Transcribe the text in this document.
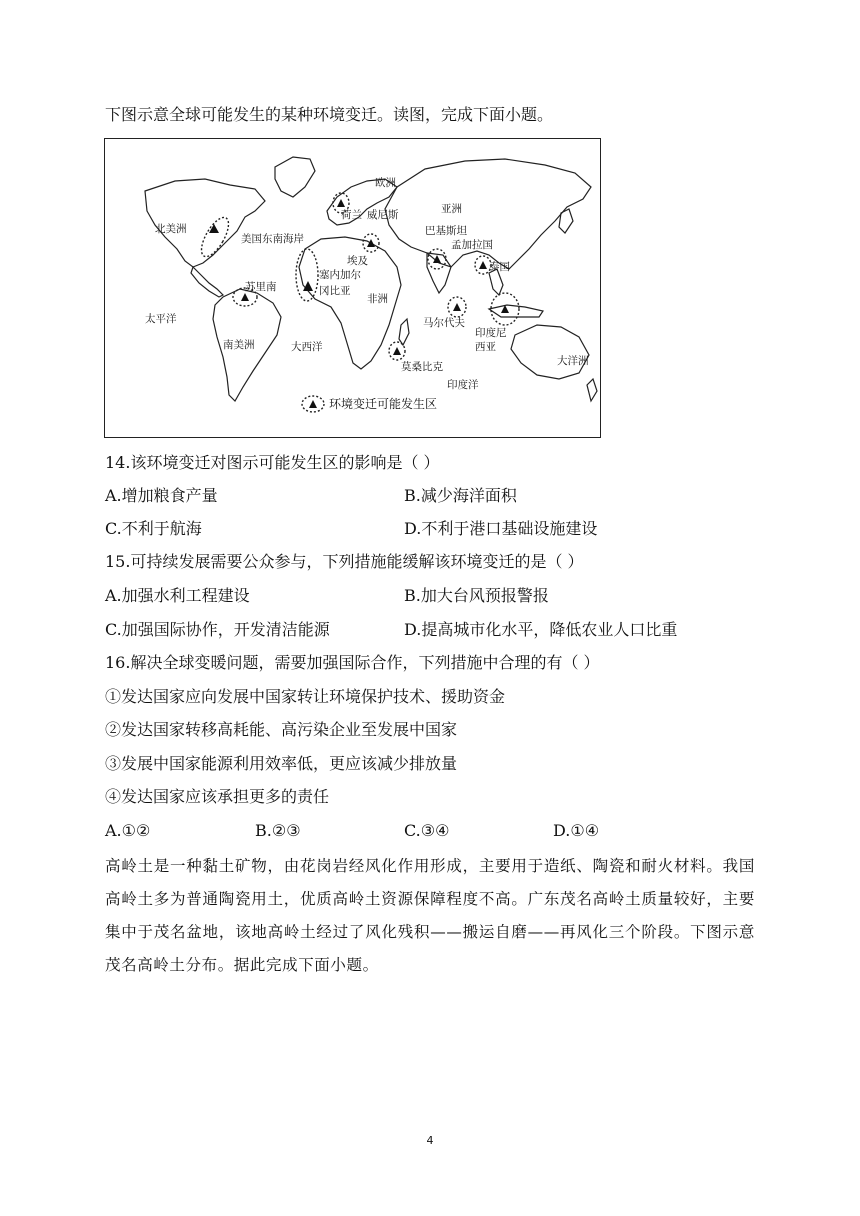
下图示意全球可能发生的某种环境变迁。读图，完成下面小题。
北美洲
美国东南海岸
欧洲
荷兰 威尼斯	亚洲
巴基斯坦
孟加拉国
埃及
塞内加尔
冈比亚
泰国
苏里南
太平洋
非洲
马尔代夫
印度尼
西亚
南美洲	大西洋
大洋洲
莫桑比克
印度洋
环境变迁可能发生区
14.该环境变迁对图示可能发生区的影响是（ ）
A.增加粮食产量	B.减少海洋面积
C.不利于航海	D.不利于港口基础设施建设
15.可持续发展需要公众参与，下列措施能缓解该环境变迁的是（ ）
A.加强水利工程建设	B.加大台风预报警报
C.加强国际协作，开发清洁能源	D.提高城市化水平，降低农业人口比重
16.解决全球变暖问题，需要加强国际合作，下列措施中合理的有（ ）
①发达国家应向发展中国家转让环境保护技术、援助资金
②发达国家转移高耗能、高污染企业至发展中国家
③发展中国家能源利用效率低，更应该减少排放量
④发达国家应该承担更多的责任
A.①②	B.②③	C.③④	D.①④
高岭土是一种黏土矿物，由花岗岩经风化作用形成，主要用于造纸、陶瓷和耐火材料。我国高岭土多为普通陶瓷用土，优质高岭土资源保障程度不高。广东茂名高岭土质量较好，主要集中于茂名盆地，该地高岭土经过了风化残积——搬运自磨——再风化三个阶段。下图示意茂名高岭土分布。据此完成下面小题。
4
